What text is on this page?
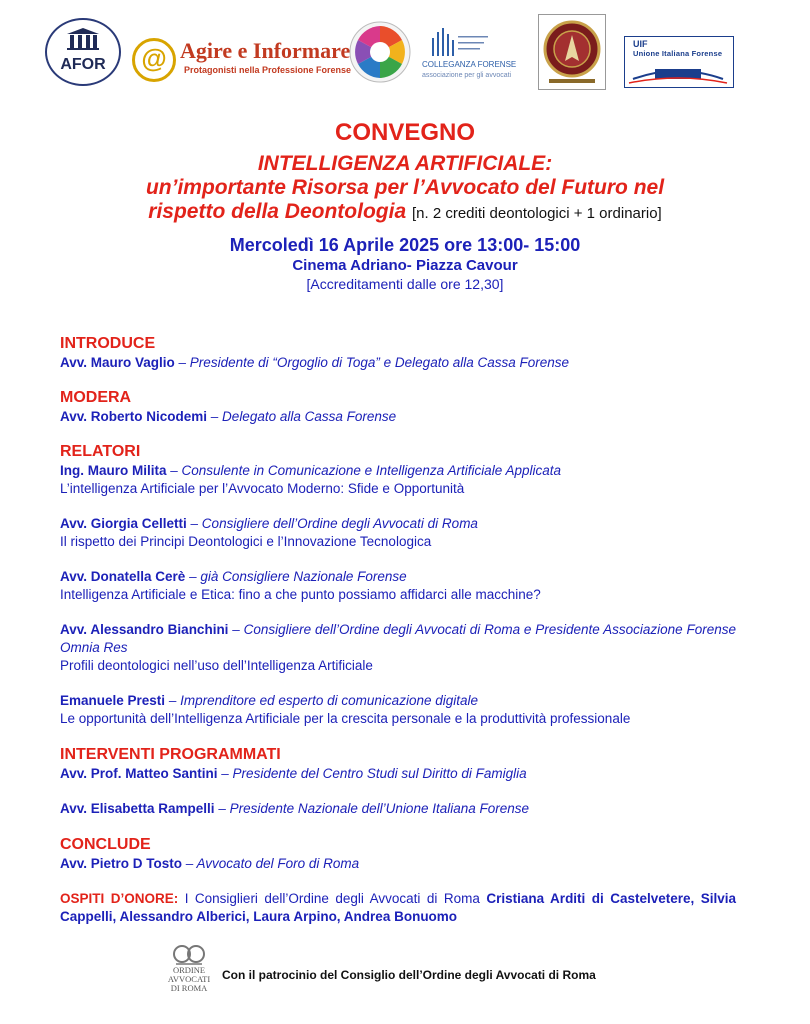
AFOR	@ Agire e Informare
Protagonisti nella Professione Forense
COLLEGANZA FORENSE
associazione per gli avvocati
UIF
Unione Italiana Forense
CONVEGNO
INTELLIGENZA ARTIFICIALE:
un’importante Risorsa per l’Avvocato del Futuro nel
rispetto della Deontologia [n. 2 crediti deontologici + 1 ordinario]
Mercoledì 16 Aprile 2025 ore 13:00- 15:00
Cinema Adriano- Piazza Cavour
[Accreditamenti dalle ore 12,30]
INTRODUCE

Avv. Mauro Vaglio – Presidente di “Orgoglio di Toga” e Delegato alla Cassa Forense

MODERA

Avv. Roberto Nicodemi – Delegato alla Cassa Forense

RELATORI

Ing. Mauro Milita – Consulente in Comunicazione e Intelligenza Artificiale Applicata

L’intelligenza Artificiale per l’Avvocato Moderno: Sfide e Opportunità

Avv. Giorgia Celletti – Consigliere dell’Ordine degli Avvocati di Roma

Il rispetto dei Principi Deontologici e l’Innovazione Tecnologica

Avv. Donatella Cerè – già Consigliere Nazionale Forense

Intelligenza Artificiale e Etica: fino a che punto possiamo affidarci alle macchine?

Avv. Alessandro Bianchini – Consigliere dell’Ordine degli Avvocati di Roma e Presidente Associazione Forense Omnia Res

Profili deontologici nell’uso dell’Intelligenza Artificiale

Emanuele Presti – Imprenditore ed esperto di comunicazione digitale

Le opportunità dell’Intelligenza Artificiale per la crescita personale e la produttività professionale

INTERVENTI PROGRAMMATI

Avv. Prof. Matteo Santini – Presidente del Centro Studi sul Diritto di Famiglia

Avv. Elisabetta Rampelli – Presidente Nazionale dell’Unione Italiana Forense

CONCLUDE

Avv. Pietro D Tosto – Avvocato del Foro di Roma

OSPITI D’ONORE: I Consiglieri dell’Ordine degli Avvocati di Roma Cristiana Arditi di Castelvetere, Silvia Cappelli, Alessandro Alberici, Laura Arpino, Andrea Bonuomo

ORDINE
AVVOCATI
DI ROMA
Con il patrocinio del Consiglio dell’Ordine degli Avvocati di Roma
